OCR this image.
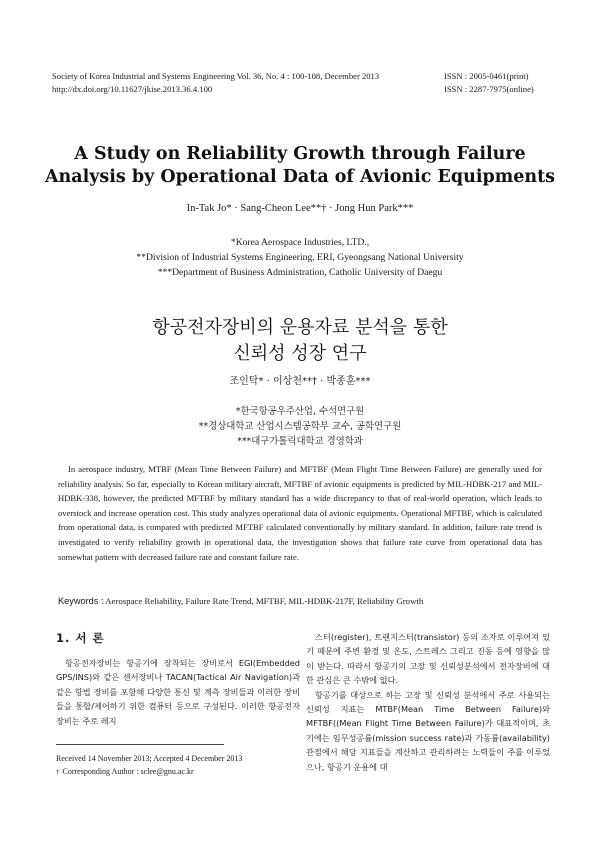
Society of Korea Industrial and Systems Engineering Vol. 36, No. 4 : 100-108, December 2013	ISSN : 2005-0461(print)
http://dx.doi.org/10.11627/jkise.2013.36.4.100	ISSN : 2287-7975(online)
A Study on Reliability Growth through Failure Analysis by Operational Data of Avionic Equipments
In-Tak Jo* · Sang-Cheon Lee**† · Jong Hun Park***
*Korea Aerospace Industries, LTD.,
**Division of Industrial Systems Engineering, ERI, Gyeongsang National University
***Department of Business Administration, Catholic University of Daegu
항공전자장비의 운용자료 분석을 통한
신뢰성 성장 연구
조인탁* · 이상천**† · 박종훈***
*한국항공우주산업, 수석연구원
**경상대학교 산업시스템공학부 교수, 공학연구원
***대구가톨릭대학교 경영학과

In aerospace industry, MTBF (Mean Time Between Failure) and MFTBF (Mean Flight Time Between Failure) are generally used for reliability analysis. So far, especially to Korean military aircraft, MFTBF of avionic equipments is predicted by MIL-HDBK-217 and MIL-HDBK-338, however, the predicted MFTBF by military standard has a wide discrepancy to that of real-world operation, which leads to overstock and increase operation cost. This study analyzes operational data of avionic equipments. Operational MFTBF, which is calculated from operational data, is compared with predicted MFTBF calculated conventionally by military standard. In addition, failure rate trend is investigated to verify reliability growth in operational data, the investigation shows that failure rate curve from operational data has somewhat pattern with decreased failure rate and constant failure rate.

Keywords : Aerospace Reliability, Failure Rate Trend, MFTBF, MIL-HDBK-217F, Reliability Growth
1. 서 론

항공전자장비는 항공기에 장착되는 장비로서 EGI(Embedded GPS/INS)와 같은 센서장비나 TACAN(Tactical Air Navigation)과 같은 항법 장비를 포함해 다양한 통신 및 계측 장비들과 이러한 장비들을 통합/제어하기 위한 컴퓨터 등으로 구성된다. 이러한 항공전자장비는 주로 레지

스터(register), 트랜지스터(transistor) 등의 소자로 이루어져 있기 때문에 주변 환경 및 온도, 스트레스 그리고 진동 등에 영향을 많이 받는다. 따라서 항공기의 고장 및 신뢰성분석에서 전자장비에 대한 관심은 큰 수밖에 없다.

항공기를 대상으로 하는 고장 및 신뢰성 분석에서 주로 사용되는 신뢰성 지표는 MTBF(Mean Time Between Failure)와 MFTBF((Mean Flight Time Between Failure)가 대표적이며, 초기에는 임무성공률(mission success rate)과 가동률(availability) 관점에서 해당 지표들을 계산하고 관리하려는 노력들이 주를 이루었으나, 항공기 운용에 대

Received 14 November 2013; Accepted 4 December 2013
† Corresponding Author : sclee@gnu.ac.kr
